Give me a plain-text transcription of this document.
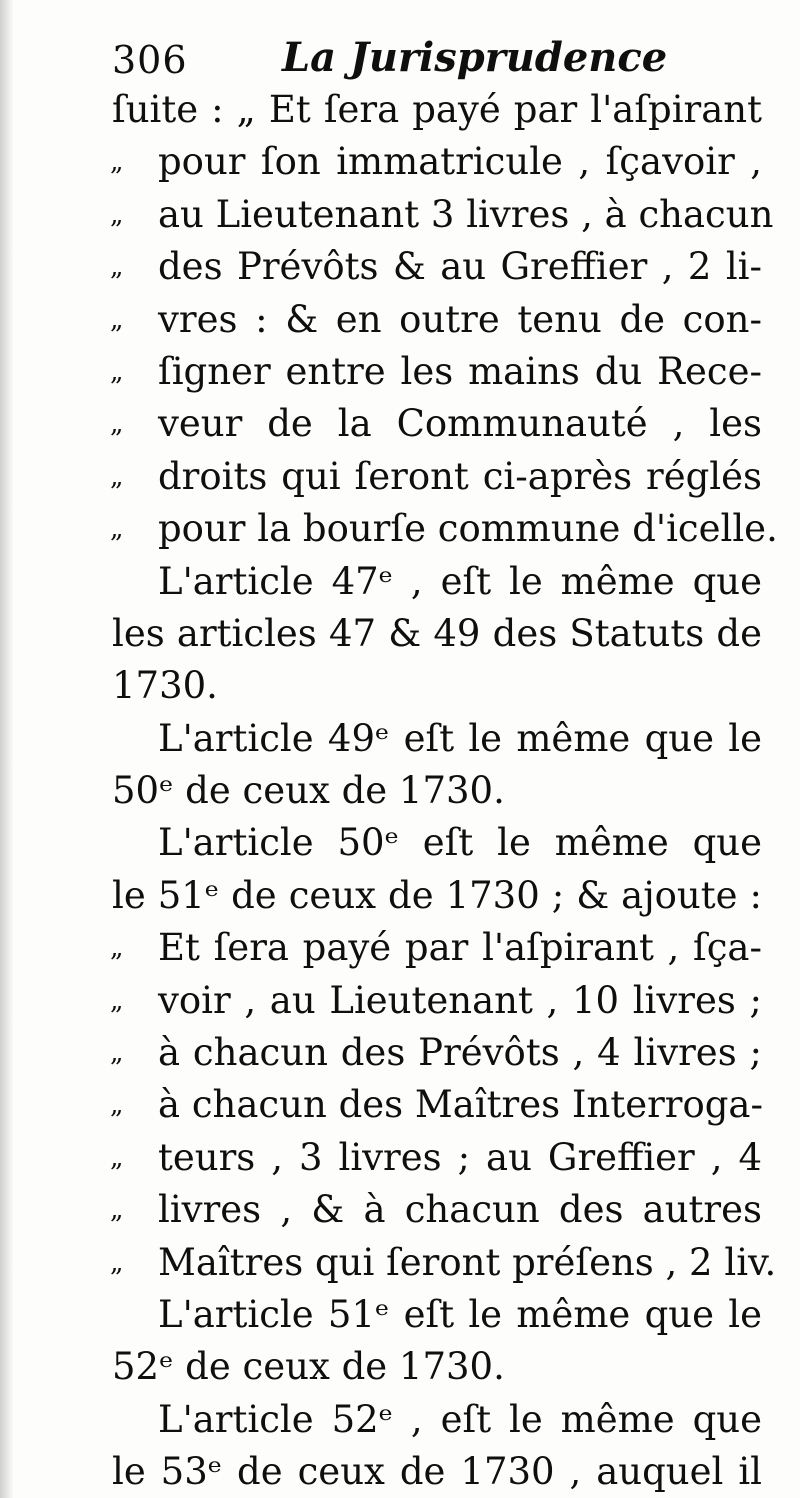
306 La Jurisprudence
ſuite : „ Et ſera payé par l'aſpirant
„ pour ſon immatricule , ſçavoir ,
„ au Lieutenant 3 livres , à chacun
„ des Prévôts & au Greffier , 2 li-
„ vres : & en outre tenu de con-
„ ſigner entre les mains du Rece-
„ veur de la Communauté , les
„ droits qui ſeront ci-après réglés
„ pour la bourſe commune d'icelle.
L'article 47ᵉ , eſt le même que
les articles 47 & 49 des Statuts de
1730.
L'article 49ᵉ eſt le même que le
50ᵉ de ceux de 1730.
L'article 50ᵉ eſt le même que
le 51ᵉ de ceux de 1730 ; & ajoute :
„ Et ſera payé par l'aſpirant , ſça-
„ voir , au Lieutenant , 10 livres ;
„ à chacun des Prévôts , 4 livres ;
„ à chacun des Maîtres Interroga-
„ teurs , 3 livres ; au Greffier , 4
„ livres , & à chacun des autres
„ Maîtres qui ſeront préſens , 2 liv.
L'article 51ᵉ eſt le même que le
52ᵉ de ceux de 1730.
L'article 52ᵉ , eſt le même que
le 53ᵉ de ceux de 1730 , auquel il
